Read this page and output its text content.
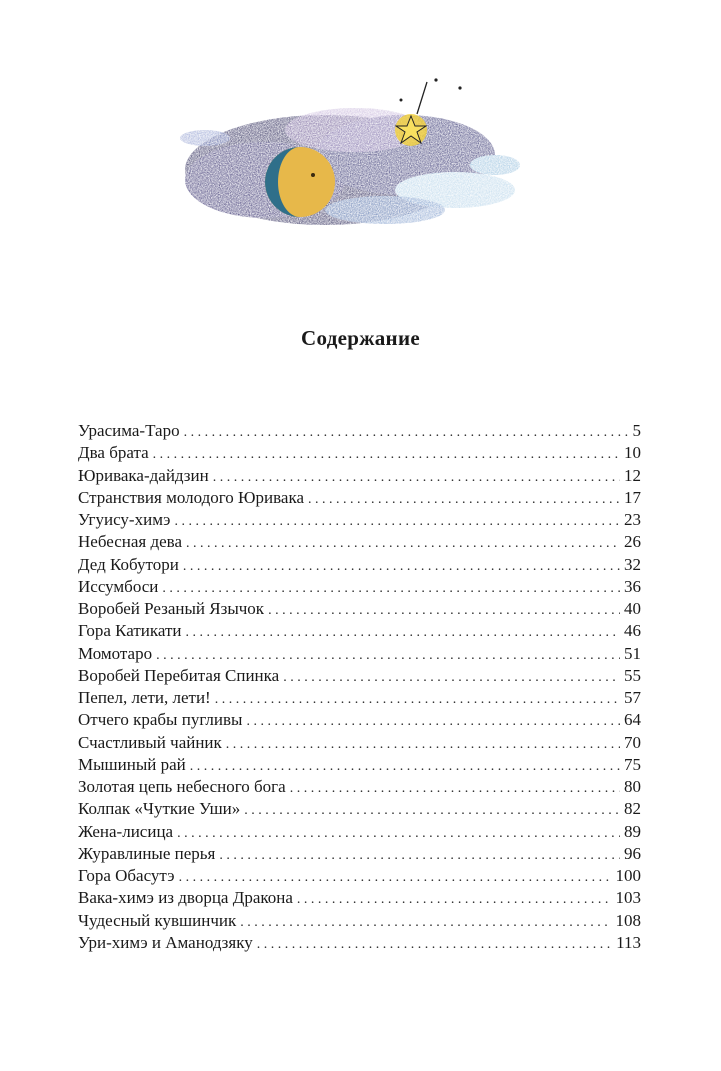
Содержание
Урасима-Таро . . .	5
Два брата . . .	10
Юривака-дайдзин . . .	12
Странствия молодого Юривака . . .	17
Угуису-химэ . . .	23
Небесная дева . . .	26
Дед Кобутори . . .	32
Иссумбоси . . .	36
Воробей Резаный Язычок . . .	40
Гора Катикати . . .	46
Момотаро . . .	51
Воробей Перебитая Спинка . . .	55
Пепел, лети, лети! . . .	57
Отчего крабы пугливы . . .	64
Счастливый чайник . . .	70
Мышиный рай . . .	75
Золотая цепь небесного бога . . .	80
Колпак «Чуткие Уши» . . .	82
Жена-лисица . . .	89
Журавлиные перья . . .	96
Гора Обасутэ . . .	100
Вака-химэ из дворца Дракона . . .	103
Чудесный кувшинчик . . .	108
Ури-химэ и Аманодзяку . . .	113
